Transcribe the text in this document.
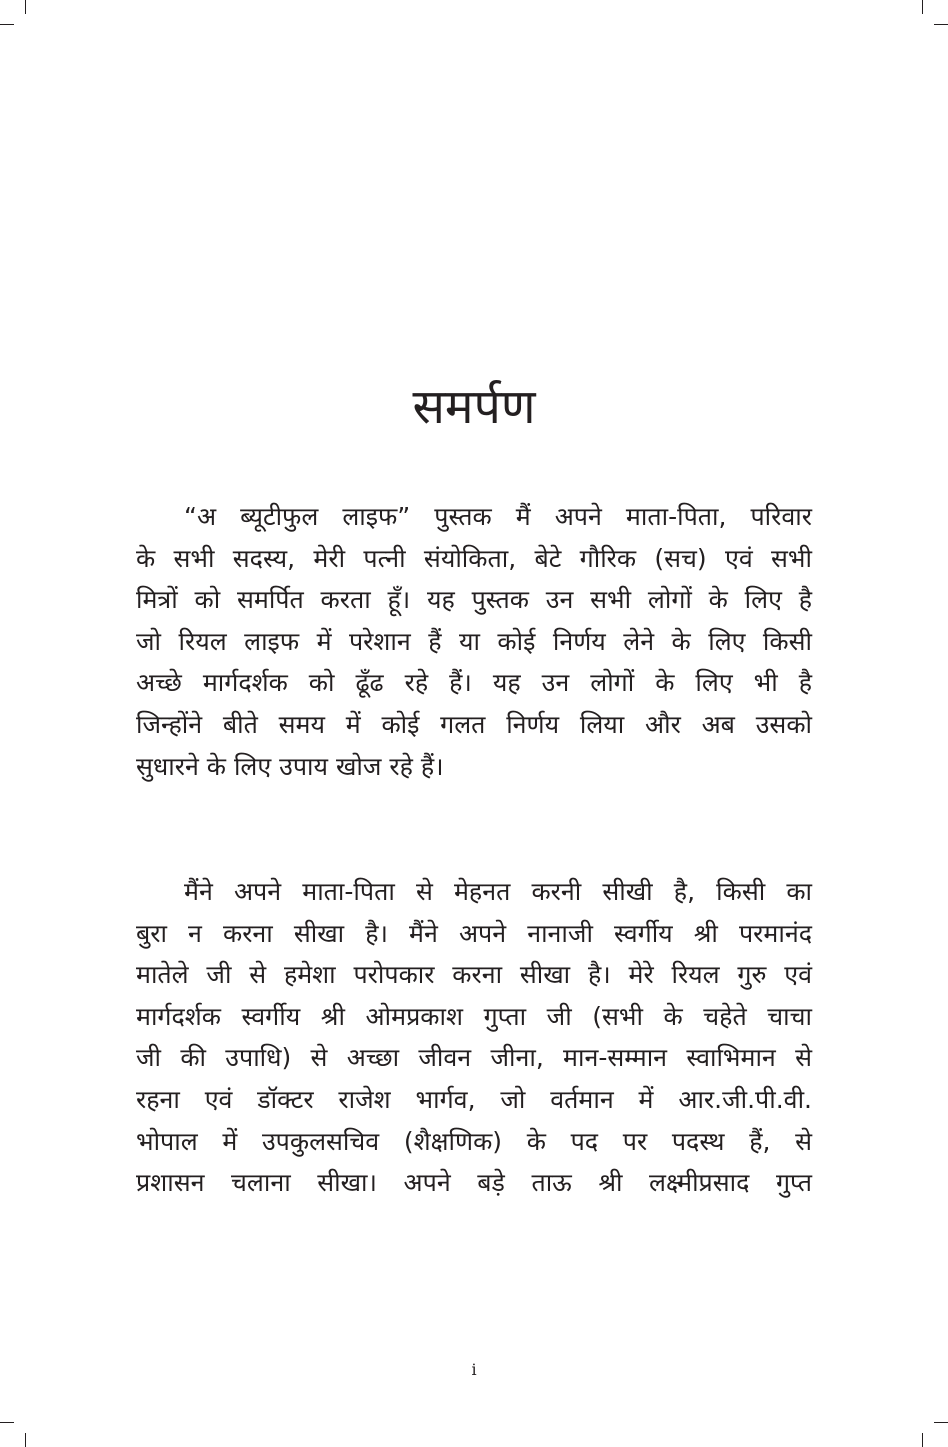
समर्पण
“अ ब्यूटीफुल लाइफ” पुस्तक मैं अपने माता-पिता, परिवार
के सभी सदस्य, मेरी पत्नी संयोकिता, बेटे गौरिक (सच) एवं सभी
मित्रों को समर्पित करता हूँ। यह पुस्तक उन सभी लोगों के लिए है
जो रियल लाइफ में परेशान हैं या कोई निर्णय लेने के लिए किसी
अच्छे मार्गदर्शक को ढूँढ रहे हैं। यह उन लोगों के लिए भी है
जिन्होंने बीते समय में कोई गलत निर्णय लिया और अब उसको
सुधारने के लिए उपाय खोज रहे हैं।
मैंने अपने माता-पिता से मेहनत करनी सीखी है, किसी का
बुरा न करना सीखा है। मैंने अपने नानाजी स्वर्गीय श्री परमानंद
मातेले जी से हमेशा परोपकार करना सीखा है। मेरे रियल गुरु एवं
मार्गदर्शक स्वर्गीय श्री ओमप्रकाश गुप्ता जी (सभी के चहेते चाचा
जी की उपाधि) से अच्छा जीवन जीना, मान-सम्मान स्वाभिमान से
रहना एवं डॉक्टर राजेश भार्गव, जो वर्तमान में आर.जी.पी.वी.
भोपाल में उपकुलसचिव (शैक्षणिक) के पद पर पदस्थ हैं, से
प्रशासन चलाना सीखा। अपने बड़े ताऊ श्री लक्ष्मीप्रसाद गुप्त
i
